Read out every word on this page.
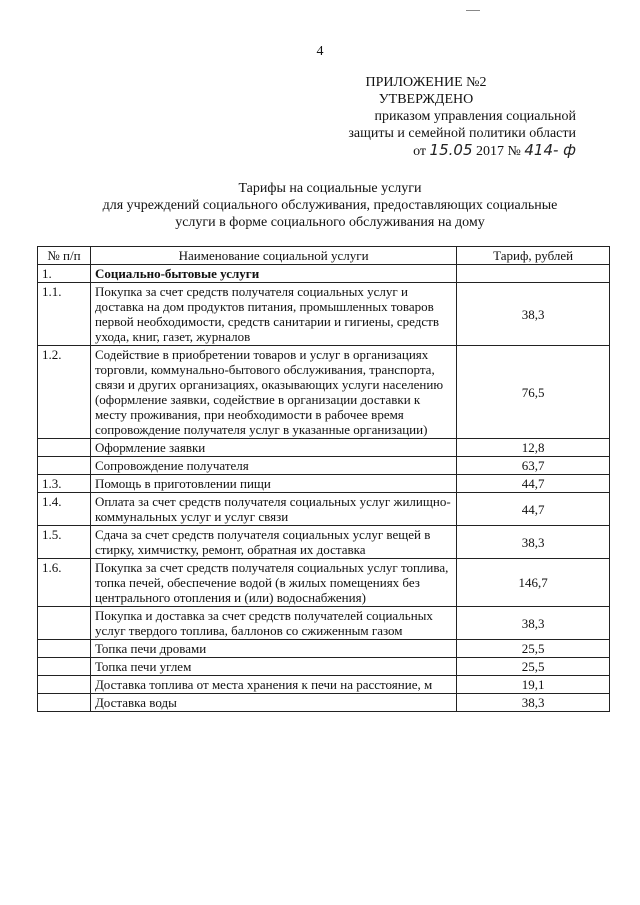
4
ПРИЛОЖЕНИЕ №2
УТВЕРЖДЕНО
приказом управления социальной
защиты и семейной политики области
от 15.05 2017 № 414- ф
Тарифы на социальные услуги
для учреждений социального обслуживания, предоставляющих социальные
услуги в форме социального обслуживания на дому
№ п/п	Наименование социальной услуги	Тариф, рублей
1.	Социально-бытовые услуги	
1.1.	Покупка за счет средств получателя социальных услуг и доставка на дом продуктов питания, промышленных товаров первой необходимости, средств санитарии и гигиены, средств ухода, книг, газет, журналов	38,3
1.2.	Содействие в приобретении товаров и услуг в организациях торговли, коммунально-бытового обслуживания, транспорта, связи и других организациях, оказывающих услуги населению (оформление заявки, содействие в организации доставки к месту проживания, при необходимости в рабочее время сопровождение получателя услуг в указанные организации)	76,5
	Оформление заявки	12,8
	Сопровождение получателя	63,7
1.3.	Помощь в приготовлении пищи	44,7
1.4.	Оплата за счет средств получателя социальных услуг жилищно-коммунальных услуг и услуг связи	44,7
1.5.	Сдача за счет средств получателя социальных услуг вещей в стирку, химчистку, ремонт, обратная их доставка	38,3
1.6.	Покупка за счет средств получателя социальных услуг топлива, топка печей, обеспечение водой (в жилых помещениях без центрального отопления и (или) водоснабжения)	146,7
	Покупка и доставка за счет средств получателей социальных услуг твердого топлива, баллонов со сжиженным газом	38,3
	Топка печи дровами	25,5
	Топка печи углем	25,5
	Доставка топлива от места хранения к печи на расстояние, м	19,1
	Доставка воды	38,3
